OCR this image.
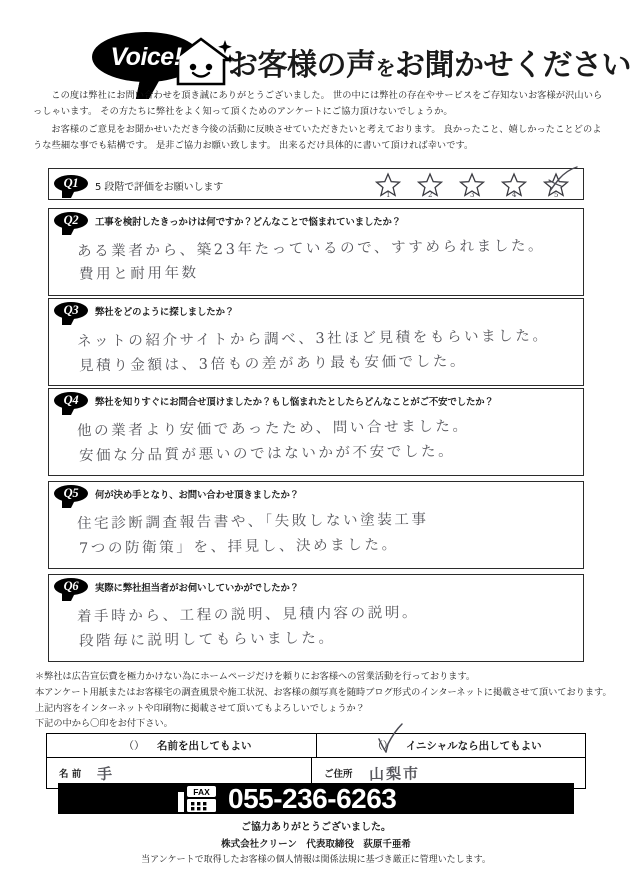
Voice! お客様の声をお聞かせください

　この度は弊社にお問い合わせを頂き誠にありがとうございました。 世の中には弊社の存在やサービスをご存知ないお客様が沢山いらっしゃいます。 その方たちに弊社をよく知って頂くためのアンケートにご協力頂けないでしょうか。

　お客様のご意見をお聞かせいただき今後の活動に反映させていただきたいと考えております。 良かったこと、嬉しかったことどのような些細な事でも結構です。 是非ご協力お願い致します。 出来るだけ具体的に書いて頂ければ幸いです。

Q1	5 段階で評価をお願いします
1	2	3	4	5
Q2	工事を検討したきっかけは何ですか？どんなことで悩まれていましたか？
ある業者から、築23年たっているので、すすめられました。
費用と耐用年数
Q3	弊社をどのように探しましたか？
ネットの紹介サイトから調べ、3社ほど見積をもらいました。
見積り金額は、3倍もの差があり最も安価でした。
Q4	弊社を知りすぐにお問合せ頂けましたか？もし悩まれたとしたらどんなことがご不安でしたか？
他の業者より安価であったため、問い合せました。
安価な分品質が悪いのではないかが不安でした。
Q5	何が決め手となり、お問い合わせ頂きましたか？
住宅診断調査報告書や、「失敗しない塗装工事
7つの防衛策」を、拝見し、決めました。
Q6	実際に弊社担当者がお伺いしていかがでしたか？
着手時から、工程の説明、見積内容の説明。
段階毎に説明してもらいました。
＊弊社は広告宣伝費を極力かけない為にホームページだけを頼りにお客様への営業活動を行っております。
本アンケート用紙またはお客様宅の調査風景や施工状況、お客様の顔写真を随時ブログ形式のインターネットに掲載させて頂いております。
上記内容をインターネットや印刷物に掲載させて頂いてもよろしいでしょうか？
下記の中から〇印をお付下さい。
（）	名前を出してもよい	（）	イニシャルなら出してもよい
名 前 手	ご住所 山梨市
FAX 055-236-6263
ご協力ありがとうございました。
株式会社クリーン　代表取締役　荻原千亜希
当アンケートで取得したお客様の個人情報は関係法規に基づき厳正に管理いたします。
